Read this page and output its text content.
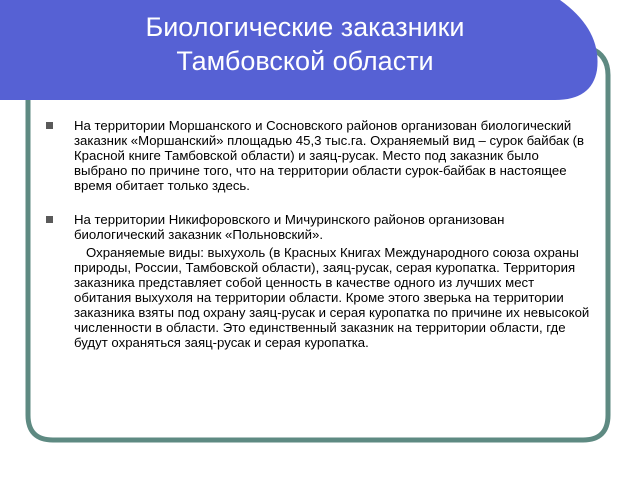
Биологические заказники
Тамбовской области

На территории Моршанского и Сосновского районов организован биологический заказник «Моршанский» площадью 45,3 тыс.га. Охраняемый вид – сурок байбак (в Красной книге Тамбовской области) и заяц-русак. Место под заказник было выбрано по причине того, что на территории области сурок-байбак в настоящее время обитает только здесь.

На территории Никифоровского и Мичуринского районов организован биологический заказник «Польновский».

Охраняемые виды: выхухоль (в Красных Книгах Международного союза охраны природы, России, Тамбовской области), заяц-русак, серая куропатка. Территория заказника представляет собой ценность в качестве одного из лучших мест обитания выхухоля на территории области. Кроме этого зверька на территории заказника взяты под охрану заяц-русак и серая куропатка по причине их невысокой численности в области. Это единственный заказник на территории области, где будут охраняться заяц-русак и серая куропатка.
